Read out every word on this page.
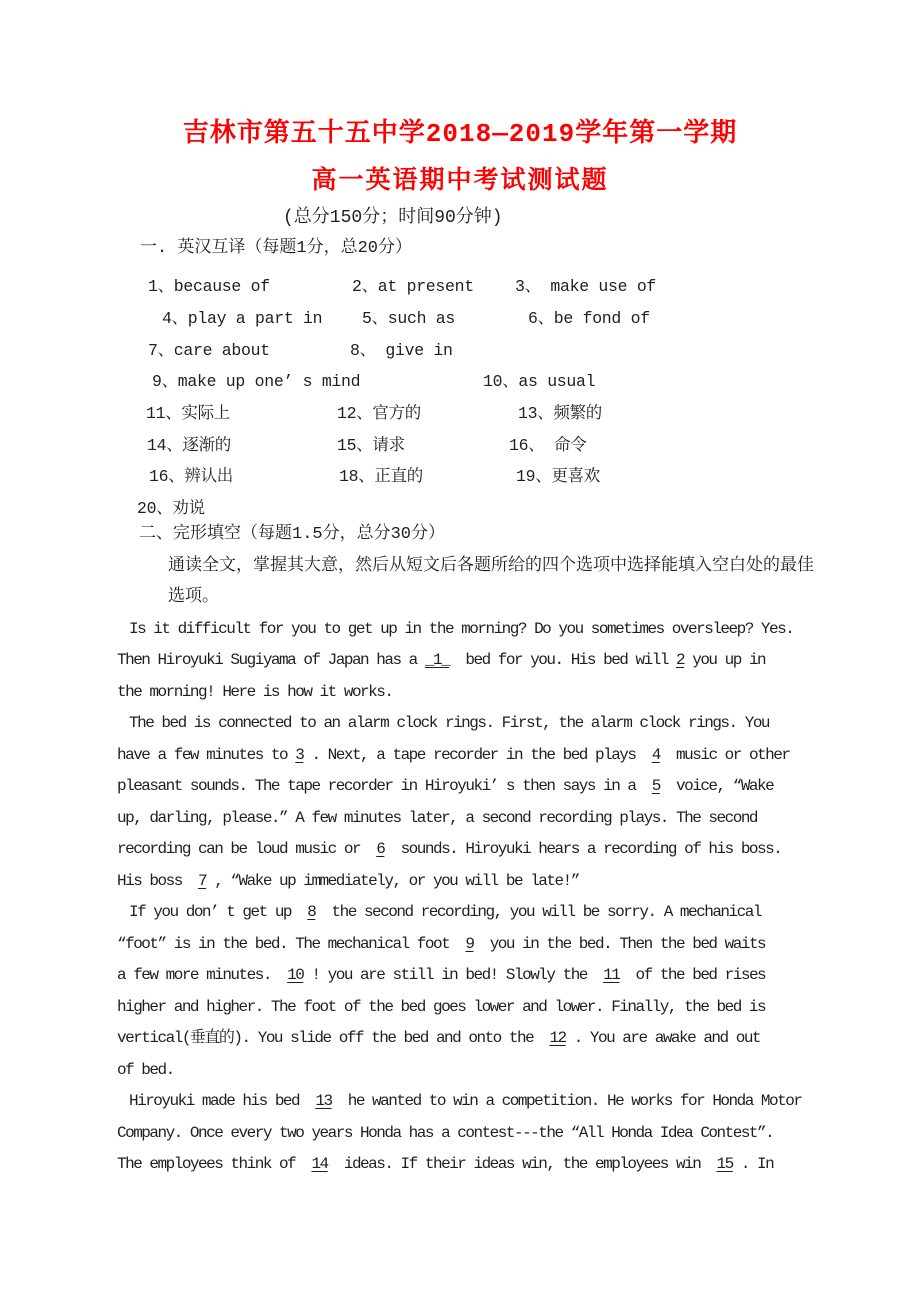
吉林市第五十五中学2018—2019学年第一学期
高一英语期中考试测试题
(总分150分；时间90分钟)
一. 英汉互译（每题1分，总20分）
1、because of	2、at present 3、 make use of
4、play a part in 5、such as	6、be fond of
7、care about	8、 give in
9、make up one’ s mind	10、as usual
11、实际上	12、官方的	13、频繁的
14、逐渐的	15、请求	16、 命令
16、辨认出	18、正直的	19、更喜欢
20、劝说
二、完形填空（每题1.5分，总分30分）
通读全文，掌握其大意，然后从短文后各题所给的四个选项中选择能填入空白处的最佳
选项。
Is it difficult for you to get up in the morning? Do you sometimes oversleep? Yes.
Then Hiroyuki Sugiyama of Japan has a _1_  bed for you. His bed will 2 you up in
the morning! Here is how it works.
The bed is connected to an alarm clock rings. First, the alarm clock rings. You
have a few minutes to 3 . Next, a tape recorder in the bed plays  4  music or other
pleasant sounds. The tape recorder in Hiroyuki’ s then says in a  5  voice, “Wake
up, darling, please.” A few minutes later, a second recording plays. The second
recording can be loud music or  6  sounds. Hiroyuki hears a recording of his boss.
His boss  7 , “Wake up immediately, or you will be late!”
If you don’ t get up  8  the second recording, you will be sorry. A mechanical
“foot” is in the bed. The mechanical foot  9  you in the bed. Then the bed waits
a few more minutes.  10 ! you are still in bed! Slowly the  11  of the bed rises
higher and higher. The foot of the bed goes lower and lower. Finally, the bed is
vertical(垂直的). You slide off the bed and onto the  12 . You are awake and out
of bed.
Hiroyuki made his bed  13  he wanted to win a competition. He works for Honda Motor
Company. Once every two years Honda has a contest---the “All Honda Idea Contest”.
The employees think of  14  ideas. If their ideas win, the employees win  15 . In
